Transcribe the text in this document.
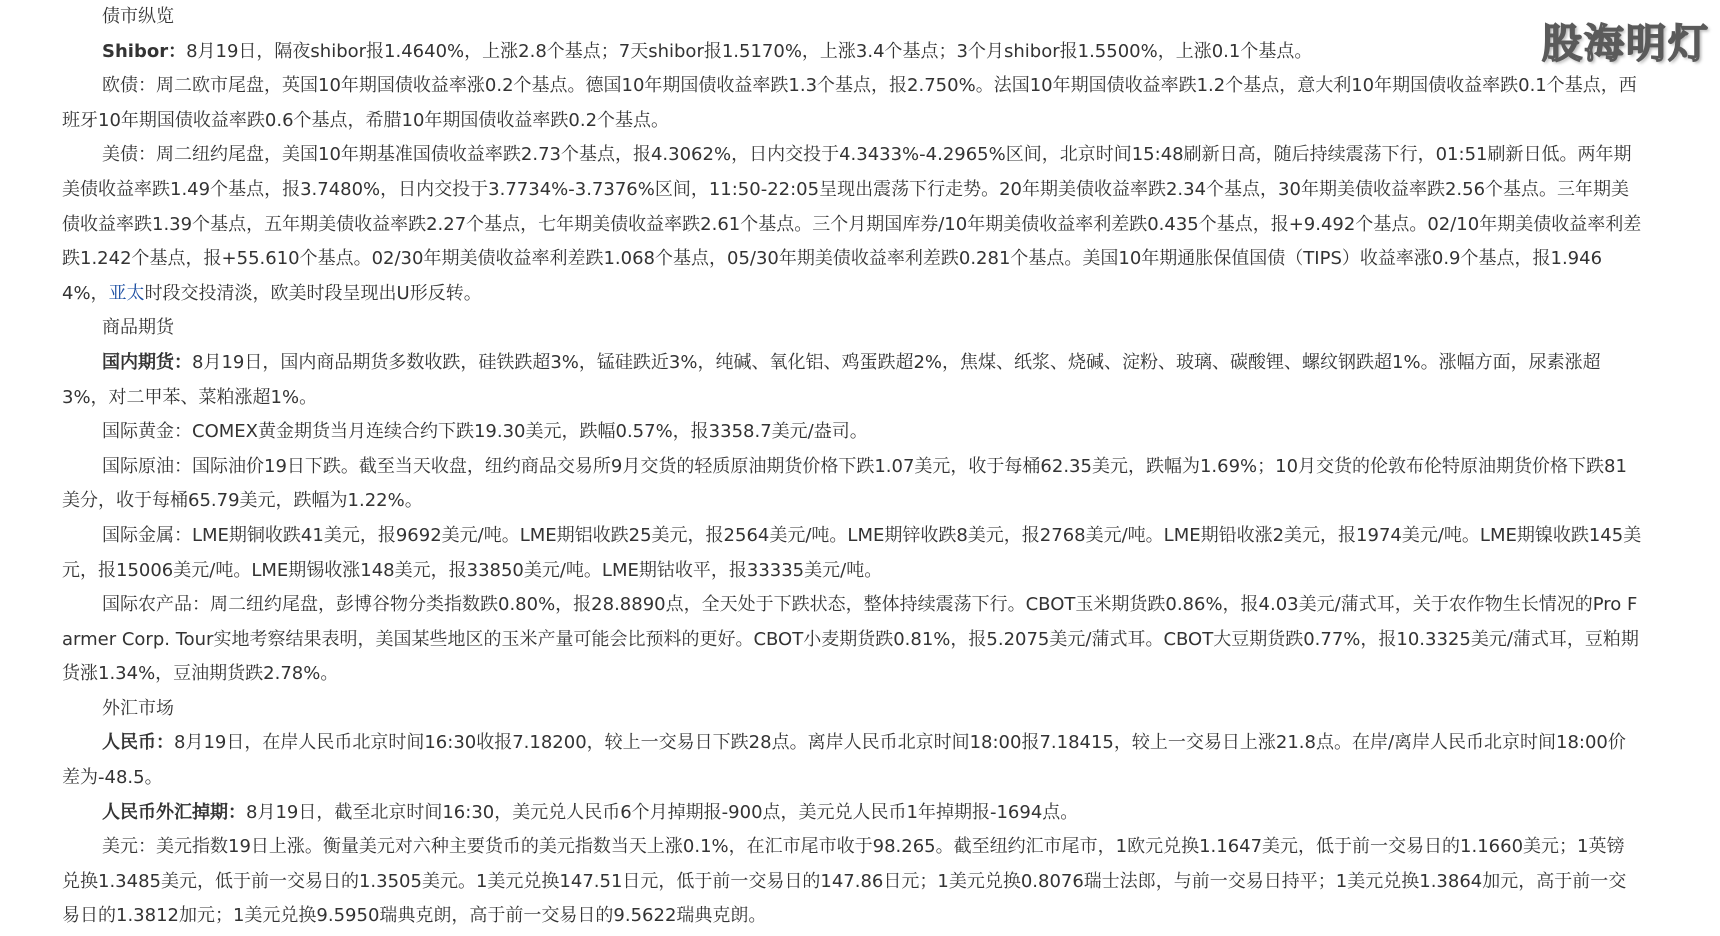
债市纵览

Shibor：8月19日，隔夜shibor报1.4640%，上涨2.8个基点；7天shibor报1.5170%，上涨3.4个基点；3个月shibor报1.5500%，上涨0.1个基点。

欧债：周二欧市尾盘，英国10年期国债收益率涨0.2个基点。德国10年期国债收益率跌1.3个基点，报2.750%。法国10年期国债收益率跌1.2个基点，意大利10年期国债收益率跌0.1个基点，西班牙10年期国债收益率跌0.6个基点，希腊10年期国债收益率跌0.2个基点。

美债：周二纽约尾盘，美国10年期基准国债收益率跌2.73个基点，报4.3062%，日内交投于4.3433%-4.2965%区间，北京时间15:48刷新日高，随后持续震荡下行，01:51刷新日低。两年期美债收益率跌1.49个基点，报3.7480%，日内交投于3.7734%-3.7376%区间，11:50-22:05呈现出震荡下行走势。20年期美债收益率跌2.34个基点，30年期美债收益率跌2.56个基点。三年期美债收益率跌1.39个基点，五年期美债收益率跌2.27个基点，七年期美债收益率跌2.61个基点。三个月期国库券/10年期美债收益率利差跌0.435个基点，报+9.492个基点。02/10年期美债收益率利差跌1.242个基点，报+55.610个基点。02/30年期美债收益率利差跌1.068个基点，05/30年期美债收益率利差跌0.281个基点。美国10年期通胀保值国债（TIPS）收益率涨0.9个基点，报1.9464%，亚太时段交投清淡，欧美时段呈现出U形反转。

商品期货

国内期货：8月19日，国内商品期货多数收跌，硅铁跌超3%，锰硅跌近3%，纯碱、氧化铝、鸡蛋跌超2%，焦煤、纸浆、烧碱、淀粉、玻璃、碳酸锂、螺纹钢跌超1%。涨幅方面，尿素涨超3%，对二甲苯、菜粕涨超1%。

国际黄金：COMEX黄金期货当月连续合约下跌19.30美元，跌幅0.57%，报3358.7美元/盎司。

国际原油：国际油价19日下跌。截至当天收盘，纽约商品交易所9月交货的轻质原油期货价格下跌1.07美元，收于每桶62.35美元，跌幅为1.69%；10月交货的伦敦布伦特原油期货价格下跌81美分，收于每桶65.79美元，跌幅为1.22%。

国际金属：LME期铜收跌41美元，报9692美元/吨。LME期铝收跌25美元，报2564美元/吨。LME期锌收跌8美元，报2768美元/吨。LME期铅收涨2美元，报1974美元/吨。LME期镍收跌145美元，报15006美元/吨。LME期锡收涨148美元，报33850美元/吨。LME期钴收平，报33335美元/吨。

国际农产品：周二纽约尾盘，彭博谷物分类指数跌0.80%，报28.8890点，全天处于下跌状态，整体持续震荡下行。CBOT玉米期货跌0.86%，报4.03美元/蒲式耳，关于农作物生长情况的Pro Farmer Corp. Tour实地考察结果表明，美国某些地区的玉米产量可能会比预料的更好。CBOT小麦期货跌0.81%，报5.2075美元/蒲式耳。CBOT大豆期货跌0.77%，报10.3325美元/蒲式耳，豆粕期货涨1.34%，豆油期货跌2.78%。

外汇市场

人民币：8月19日，在岸人民币北京时间16:30收报7.18200，较上一交易日下跌28点。离岸人民币北京时间18:00报7.18415，较上一交易日上涨21.8点。在岸/离岸人民币北京时间18:00价差为-48.5。

人民币外汇掉期：8月19日，截至北京时间16:30，美元兑人民币6个月掉期报-900点，美元兑人民币1年掉期报-1694点。

美元：美元指数19日上涨。衡量美元对六种主要货币的美元指数当天上涨0.1%，在汇市尾市收于98.265。截至纽约汇市尾市，1欧元兑换1.1647美元，低于前一交易日的1.1660美元；1英镑兑换1.3485美元，低于前一交易日的1.3505美元。1美元兑换147.51日元，低于前一交易日的147.86日元；1美元兑换0.8076瑞士法郎，与前一交易日持平；1美元兑换1.3864加元，高于前一交易日的1.3812加元；1美元兑换9.5950瑞典克朗，高于前一交易日的9.5622瑞典克朗。

股海明灯
